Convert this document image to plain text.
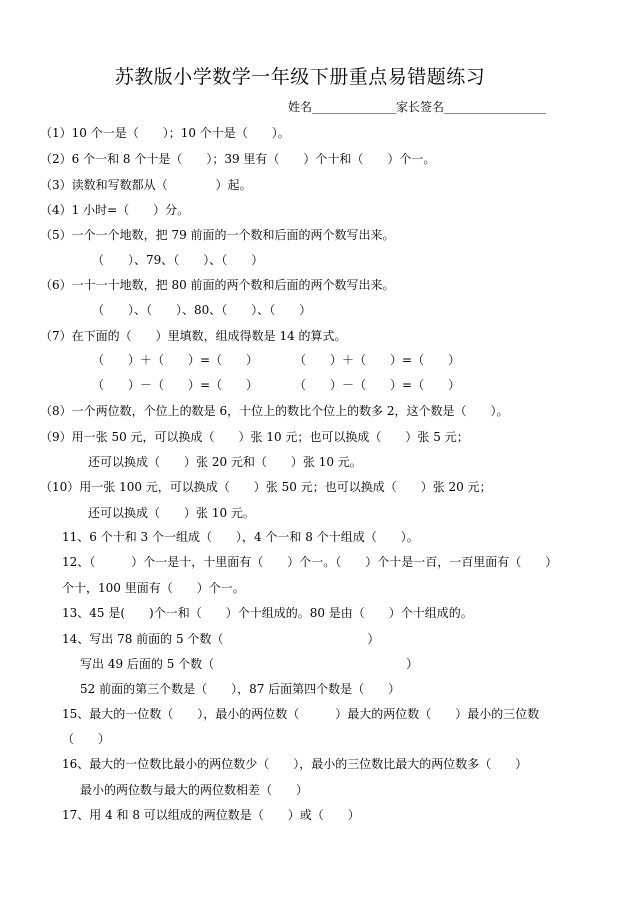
苏教版小学数学一年级下册重点易错题练习
姓名______________家长签名_________________
（1）10 个一是（　　）；10 个十是（　　）。
（2）6 个一和 8 个十是（　　）；39 里有（　　）个十和（　　）个一。
（3）读数和写数都从（　　　　）起。
（4）1 小时=（　　）分。
（5）一个一个地数，把 79 前面的一个数和后面的两个数写出来。
（　　）、79、（　　）、（　　）
（6）一十一十地数，把 80 前面的两个数和后面的两个数写出来。
（　　）、（　　）、80、（　　）、（　　）
（7）在下面的（　　）里填数，组成得数是 14 的算式。
（　　）＋（　　）=（　　）　　　　（　　）＋（　　）=（　　）
（　　）－（　　）=（　　）　　　　（　　）－（　　）=（　　）
（8）一个两位数，个位上的数是 6，十位上的数比个位上的数多 2，这个数是（　　）。
（9）用一张 50 元，可以换成（　　）张 10 元；也可以换成（　　）张 5 元；
还可以换成（　　）张 20 元和（　　）张 10 元。
（10）用一张 100 元，可以换成（　　）张 50 元；也可以换成（　　）张 20 元；
还可以换成（　　）张 10 元。
11、6 个十和 3 个一组成（　　），4 个一和 8 个十组成（　　）。
12、（　　　）个一是十，十里面有（　　）个一。（　　）个十是一百，一百里面有（　　）
个十，100 里面有（　　）个一。
13、45 是(　　)个一和（　　）个十组成的。80 是由（　　）个十组成的。
14、写出 78 前面的 5 个数（　　　　　　　　　　　　）
写出 49 后面的 5 个数（　　　　　　　　　　　　　　　　）
52 前面的第三个数是（　　），87 后面第四个数是（　　）
15、最大的一位数（　　），最小的两位数（　　　）最大的两位数（　　）最小的三位数
（　　）
16、最大的一位数比最小的两位数少（　　），最小的三位数比最大的两位数多（　　）
最小的两位数与最大的两位数相差（　　）
17、用 4 和 8 可以组成的两位数是（　　）或（　　）
